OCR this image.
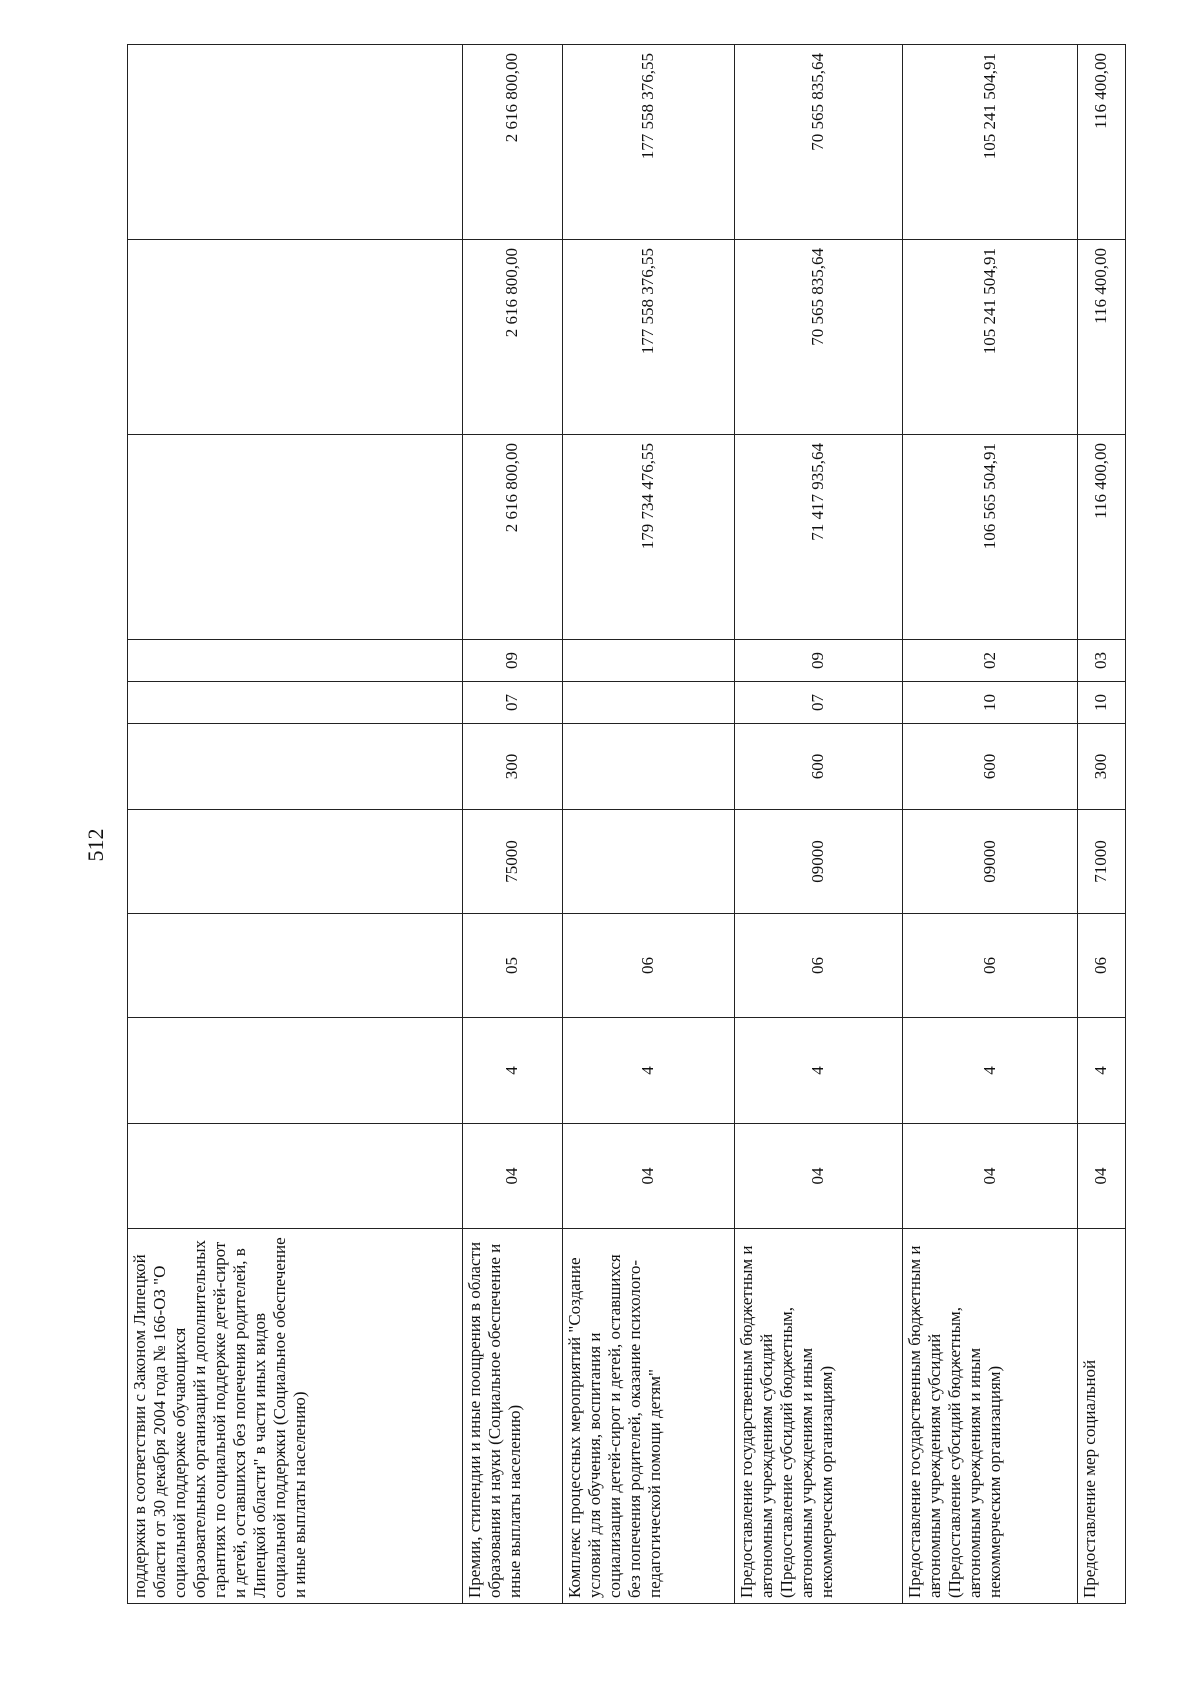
512
поддержки в соответствии с Законом Липецкой области от 30 декабря 2004 года № 166-ОЗ "О социальной поддержке обучающихся образовательных организаций и дополнительных гарантиях по социальной поддержке детей-сирот и детей, оставшихся без попечения родителей, в Липецкой области" в части иных видов социальной поддержки (Социальное обеспечение и иные выплаты населению)										
Премии, стипендии и иные поощрения в области образования и науки (Социальное обеспечение и иные выплаты населению)	04	4	05	75000	300	07	09	2 616 800,00	2 616 800,00	2 616 800,00
Комплекс процессных мероприятий "Создание условий для обучения, воспитания и социализации детей-сирот и детей, оставшихся без попечения родителей, оказание психолого-педагогической помощи детям"	04	4	06					179 734 476,55	177 558 376,55	177 558 376,55
Предоставление государственным бюджетным и автономным учреждениям субсидий (Предоставление субсидий бюджетным, автономным учреждениям и иным некоммерческим организациям)	04	4	06	09000	600	07	09	71 417 935,64	70 565 835,64	70 565 835,64
Предоставление государственным бюджетным и автономным учреждениям субсидий (Предоставление субсидий бюджетным, автономным учреждениям и иным некоммерческим организациям)	04	4	06	09000	600	10	02	106 565 504,91	105 241 504,91	105 241 504,91
Предоставление мер социальной	04	4	06	71000	300	10	03	116 400,00	116 400,00	116 400,00
